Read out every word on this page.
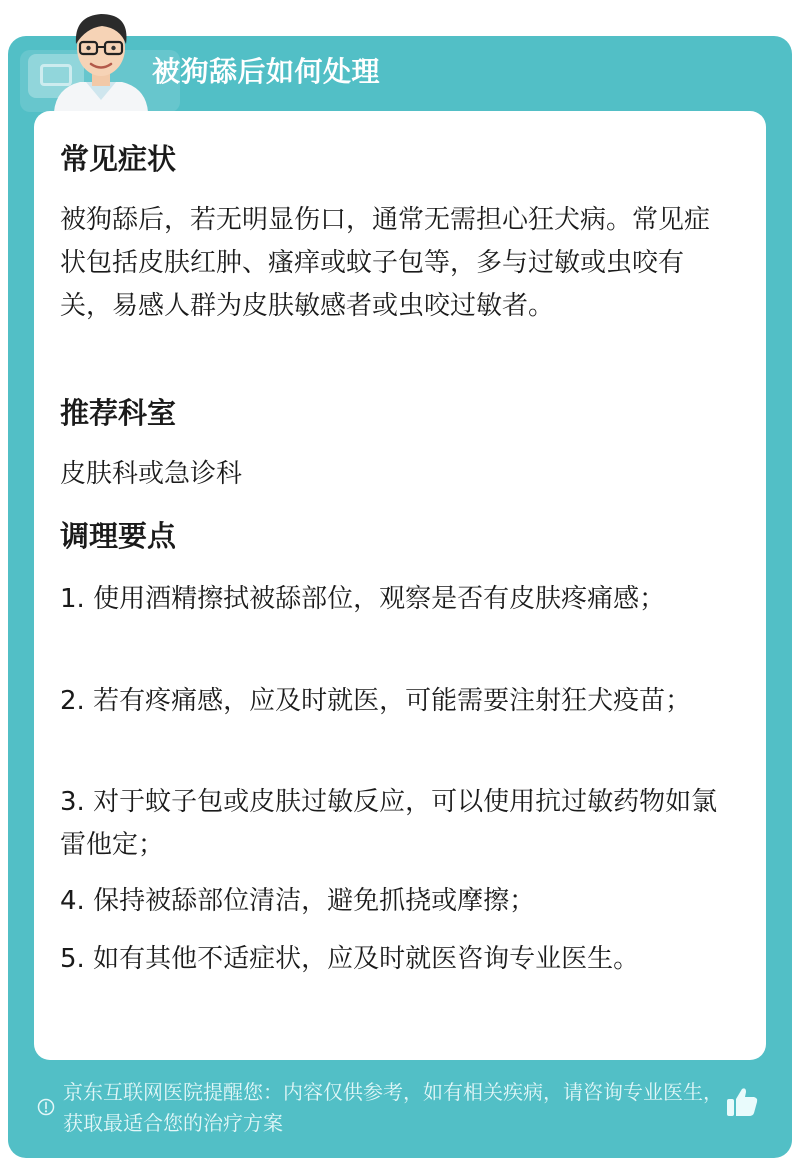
被狗舔后如何处理
常见症状
被狗舔后，若无明显伤口，通常无需担心狂犬病。常见症状包括皮肤红肿、瘙痒或蚊子包等，多与过敏或虫咬有关，易感人群为皮肤敏感者或虫咬过敏者。
推荐科室
皮肤科或急诊科
调理要点
1. 使用酒精擦拭被舔部位，观察是否有皮肤疼痛感；
2. 若有疼痛感，应及时就医，可能需要注射狂犬疫苗；
3. 对于蚊子包或皮肤过敏反应，可以使用抗过敏药物如氯雷他定；
4. 保持被舔部位清洁，避免抓挠或摩擦；
5. 如有其他不适症状，应及时就医咨询专业医生。
京东互联网医院提醒您：内容仅供参考，如有相关疾病，请咨询专业医生，获取最适合您的治疗方案
